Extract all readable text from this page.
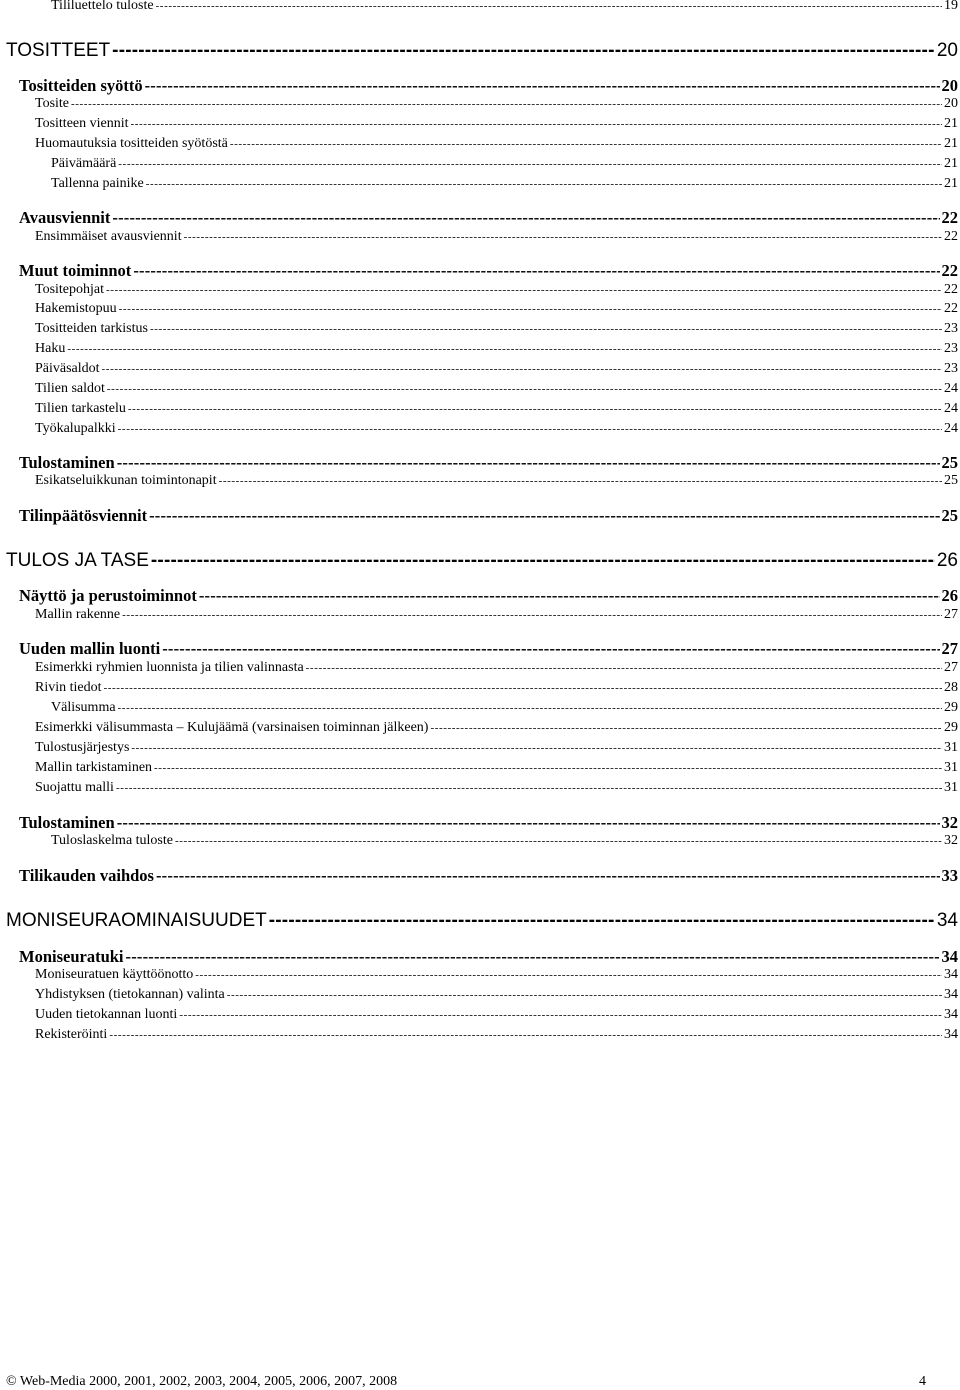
Tililuettelo tuloste -----	19
TOSITTEET -----	20
Tositteiden syöttö -----	20
Tosite -----	20
Tositteen viennit -----	21
Huomautuksia tositteiden syötöstä -----	21
Päivämäärä -----	21
Tallenna painike -----	21
Avausviennit -----	22
Ensimmäiset avausviennit -----	22
Muut toiminnot -----	22
Tositepohjat -----	22
Hakemistopuu -----	22
Tositteiden tarkistus -----	23
Haku -----	23
Päiväsaldot -----	23
Tilien saldot -----	24
Tilien tarkastelu -----	24
Työkalupalkki -----	24
Tulostaminen -----	25
Esikatseluikkunan toimintonapit -----	25
Tilinpäätösviennit -----	25
TULOS JA TASE -----	26
Näyttö ja perustoiminnot -----	26
Mallin rakenne -----	27
Uuden mallin luonti -----	27
Esimerkki ryhmien luonnista ja tilien valinnasta -----	27
Rivin tiedot -----	28
Välisumma -----	29
Esimerkki välisummasta – Kulujäämä (varsinaisen toiminnan jälkeen) -----	29
Tulostusjärjestys -----	31
Mallin tarkistaminen -----	31
Suojattu malli -----	31
Tulostaminen -----	32
Tuloslaskelma tuloste -----	32
Tilikauden vaihdos -----	33
MONISEURAOMINAISUUDET -----	34
Moniseuratuki -----	34
Moniseuratuen käyttöönotto -----	34
Yhdistyksen (tietokannan) valinta -----	34
Uuden tietokannan luonti -----	34
Rekisteröinti -----	34
© Web-Media 2000, 2001, 2002, 2003, 2004, 2005, 2006, 2007, 2008	4
